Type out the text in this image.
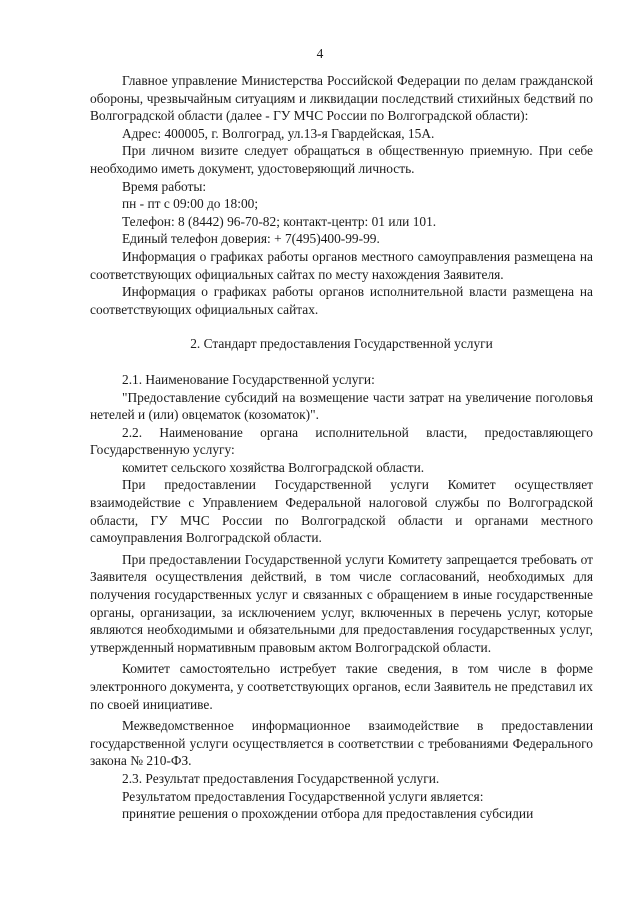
4

Главное управление Министерства Российской Федерации по делам гражданской обороны, чрезвычайным ситуациям и ликвидации последствий стихийных бедствий по Волгоградской области (далее - ГУ МЧС России по Волгоградской области):

Адрес: 400005, г. Волгоград, ул.13-я Гвардейская, 15А.

При личном визите следует обращаться в общественную приемную. При себе необходимо иметь документ, удостоверяющий личность.

Время работы:

пн - пт с 09:00 до 18:00;

Телефон: 8 (8442) 96-70-82; контакт-центр: 01 или 101.

Единый телефон доверия: + 7(495)400-99-99.

Информация о графиках работы органов местного самоуправления размещена на соответствующих официальных сайтах по месту нахождения Заявителя.

Информация о графиках работы органов исполнительной власти размещена на соответствующих официальных сайтах.

2. Стандарт предоставления Государственной услуги

2.1. Наименование Государственной услуги:

"Предоставление субсидий на возмещение части затрат на увеличение поголовья нетелей и (или) овцематок (козоматок)".

2.2. Наименование органа исполнительной власти, предоставляющего Государственную услугу:

комитет сельского хозяйства Волгоградской области.

При предоставлении Государственной услуги Комитет осуществляет взаимодействие с Управлением Федеральной налоговой службы по Волгоградской области, ГУ МЧС России по Волгоградской области и органами местного самоуправления Волгоградской области.

При предоставлении Государственной услуги Комитету запрещается требовать от Заявителя осуществления действий, в том числе согласований, необходимых для получения государственных услуг и связанных с обращением в иные государственные органы, организации, за исключением услуг, включенных в перечень услуг, которые являются необходимыми и обязательными для предоставления государственных услуг, утвержденный нормативным правовым актом Волгоградской области.

Комитет самостоятельно истребует такие сведения, в том числе в форме электронного документа, у соответствующих органов, если Заявитель не представил их по своей инициативе.

Межведомственное информационное взаимодействие в предоставлении государственной услуги осуществляется в соответствии с требованиями Федерального закона № 210-ФЗ.

2.3. Результат предоставления Государственной услуги.

Результатом предоставления Государственной услуги является:

принятие решения о прохождении отбора для предоставления субсидии
